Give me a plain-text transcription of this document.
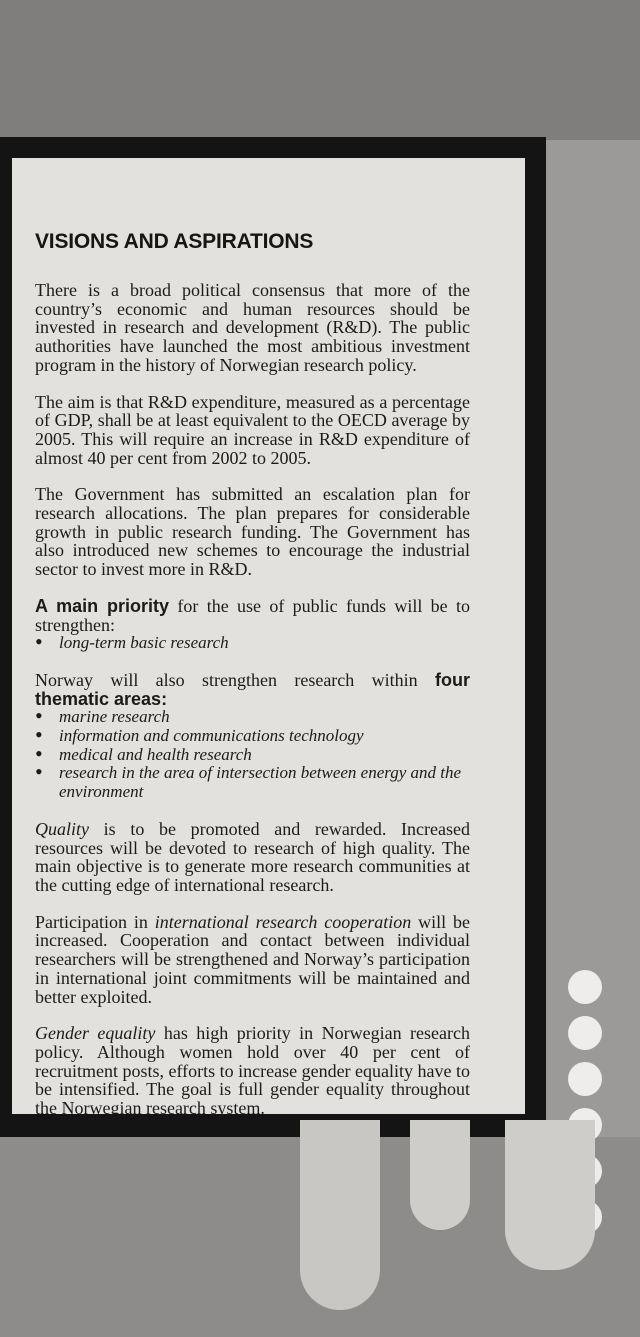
VISIONS AND ASPIRATIONS

There is a broad political consensus that more of the country’s economic and human resources should be invested in research and development (R&D). The public authorities have launched the most ambitious investment program in the history of Norwegian research policy.

The aim is that R&D expenditure, measured as a percentage of GDP, shall be at least equivalent to the OECD average by 2005. This will require an increase in R&D expenditure of almost 40 per cent from 2002 to 2005.

The Government has submitted an escalation plan for research allocations. The plan prepares for considerable growth in public research funding. The Government has also introduced new schemes to encourage the industrial sector to invest more in R&D.

A main priority for the use of public funds will be to strengthen:

• long-term basic research

Norway will also strengthen research within four thematic areas:

• marine research
• information and communications technology
• medical and health research
• research in the area of intersection between energy and the environment

Quality is to be promoted and rewarded. Increased resources will be devoted to research of high quality. The main objective is to generate more research communities at the cutting edge of international research.

Participation in international research cooperation will be increased. Cooperation and contact between individual researchers will be strengthened and Norway’s participation in international joint commitments will be maintained and better exploited.

Gender equality has high priority in Norwegian research policy. Although women hold over 40 per cent of recruitment posts, efforts to increase gender equality have to be intensified. The goal is full gender equality throughout the Norwegian research system.
